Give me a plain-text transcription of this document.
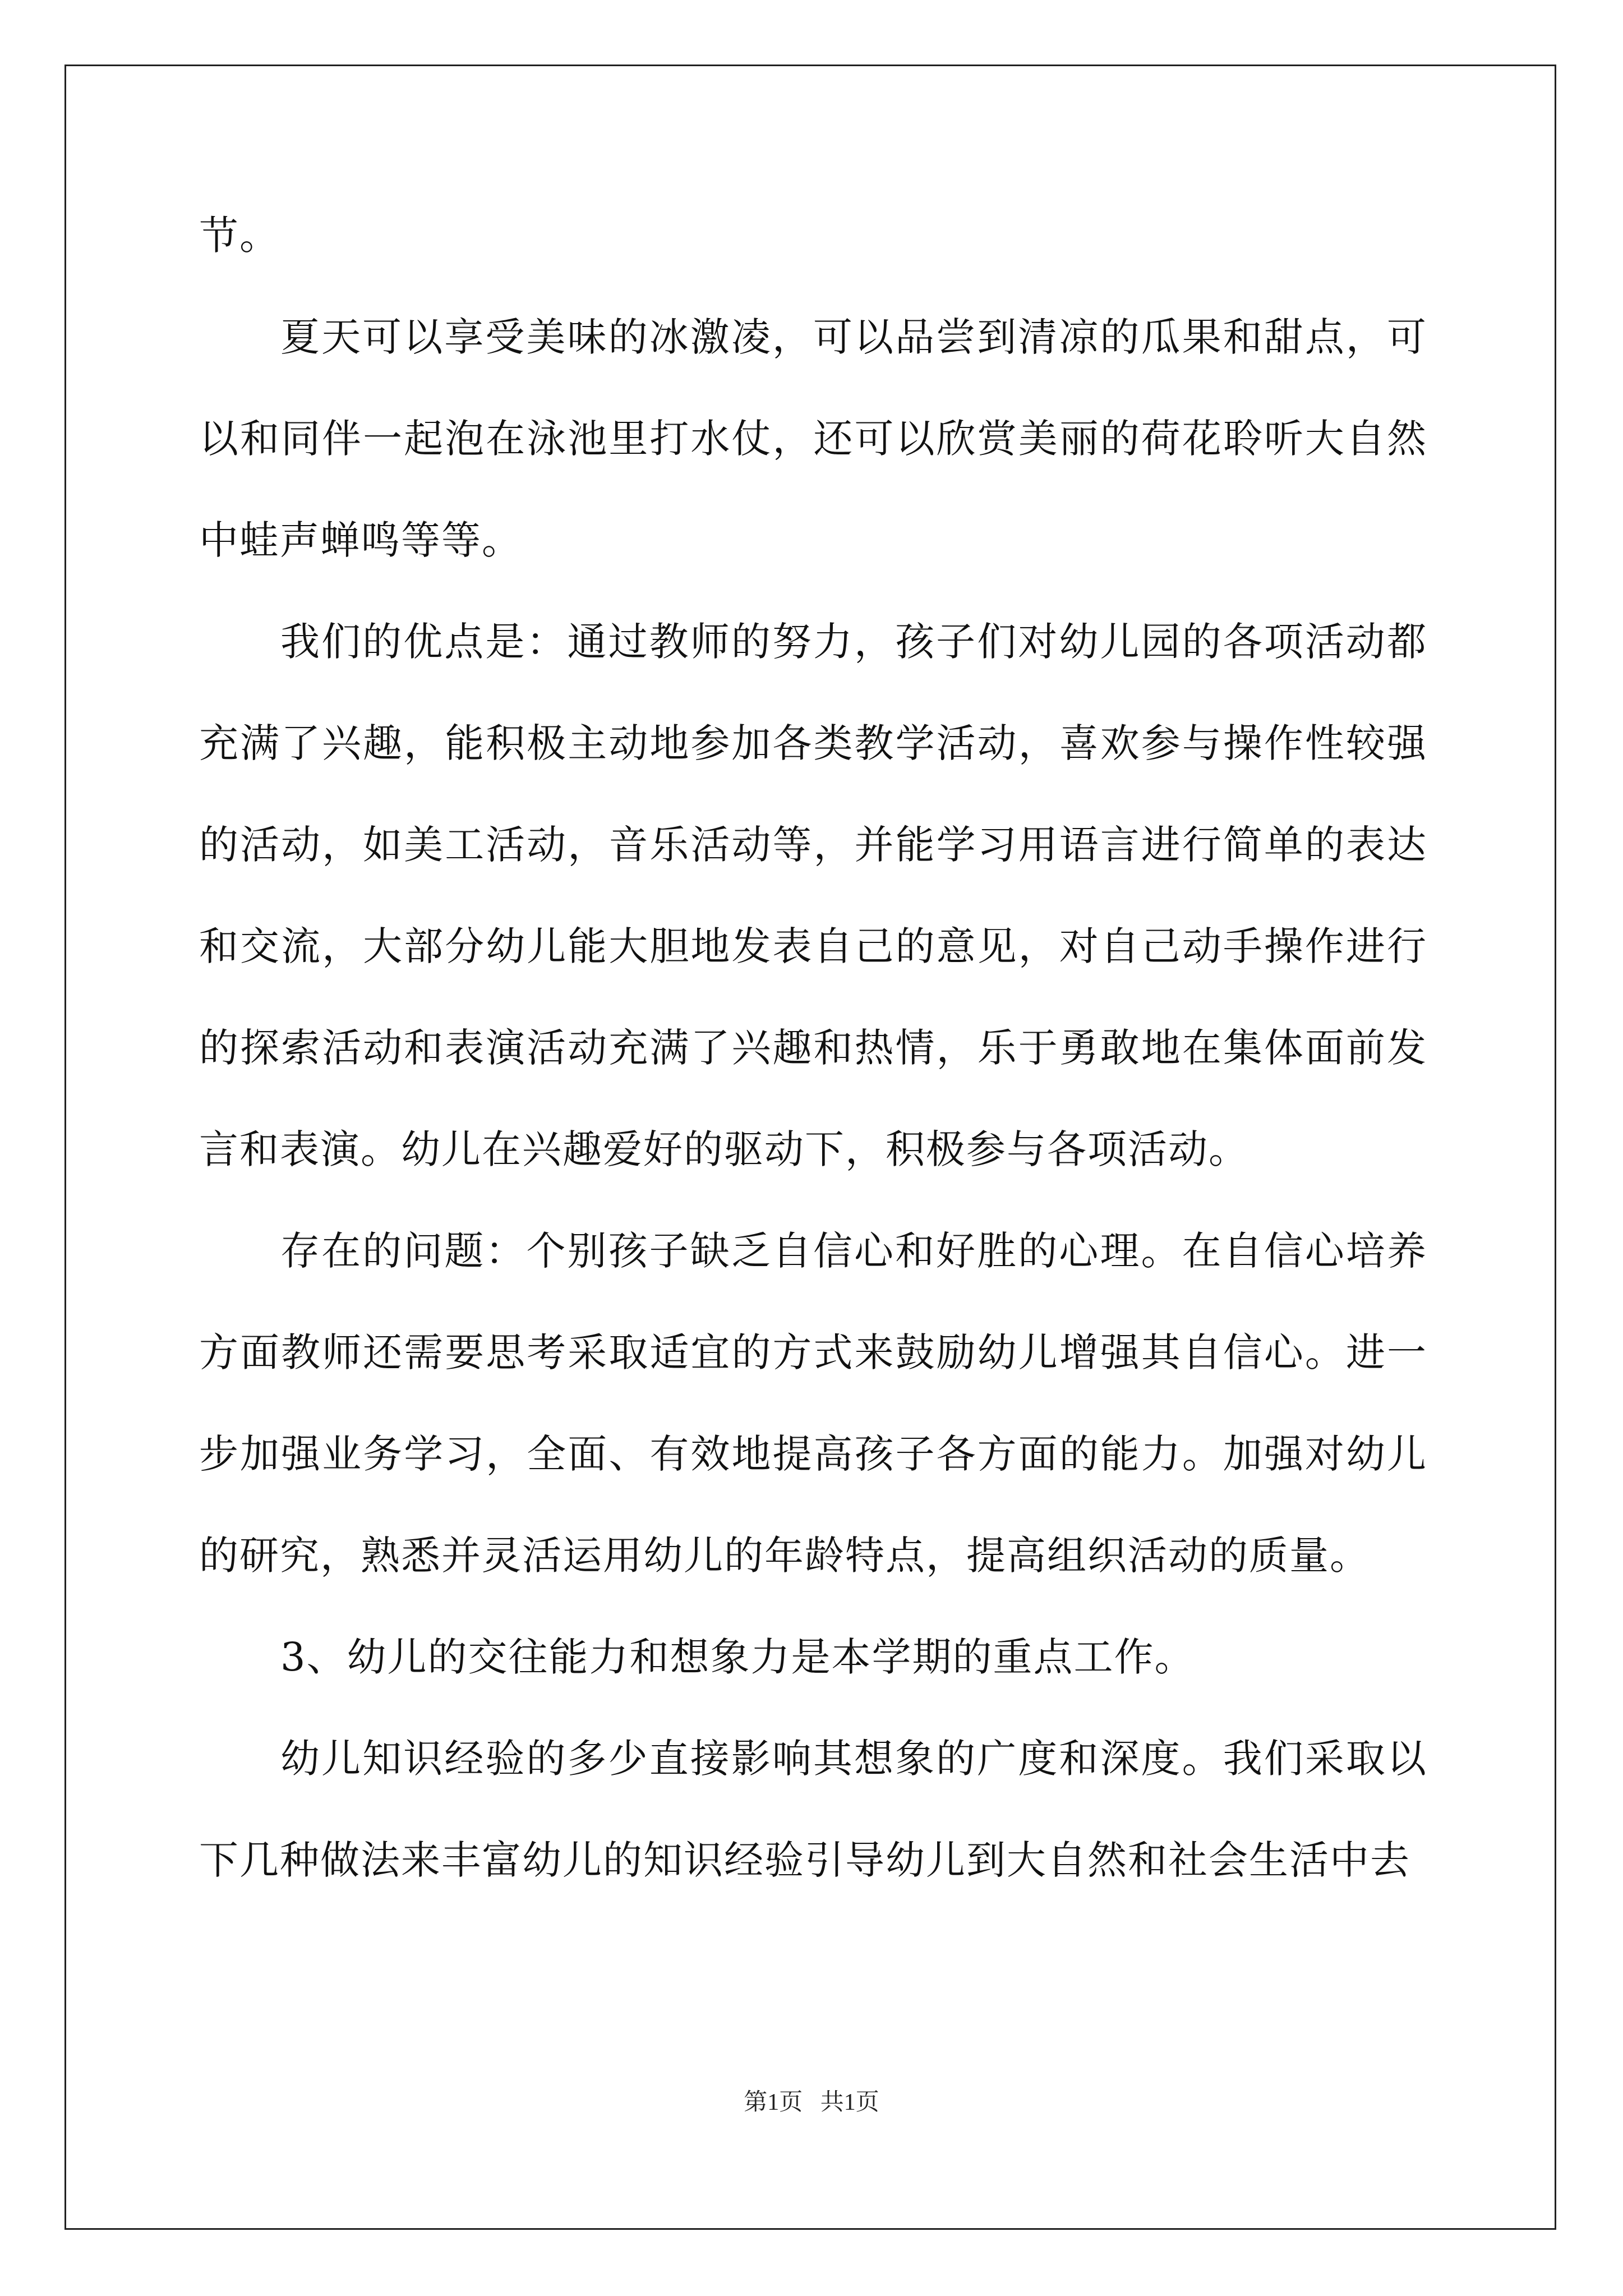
节。

夏天可以享受美味的冰激凌，可以品尝到清凉的瓜果和甜点，可以和同伴一起泡在泳池里打水仗，还可以欣赏美丽的荷花聆听大自然中蛙声蝉鸣等等。

我们的优点是：通过教师的努力，孩子们对幼儿园的各项活动都充满了兴趣，能积极主动地参加各类教学活动，喜欢参与操作性较强的活动，如美工活动，音乐活动等，并能学习用语言进行简单的表达和交流，大部分幼儿能大胆地发表自己的意见，对自己动手操作进行的探索活动和表演活动充满了兴趣和热情，乐于勇敢地在集体面前发言和表演。幼儿在兴趣爱好的驱动下，积极参与各项活动。

存在的问题：个别孩子缺乏自信心和好胜的心理。在自信心培养方面教师还需要思考采取适宜的方式来鼓励幼儿增强其自信心。进一步加强业务学习，全面、有效地提高孩子各方面的能力。加强对幼儿的研究，熟悉并灵活运用幼儿的年龄特点，提高组织活动的质量。

3、幼儿的交往能力和想象力是本学期的重点工作。

幼儿知识经验的多少直接影响其想象的广度和深度。我们采取以下几种做法来丰富幼儿的知识经验引导幼儿到大自然和社会生活中去

第1页   共1页
